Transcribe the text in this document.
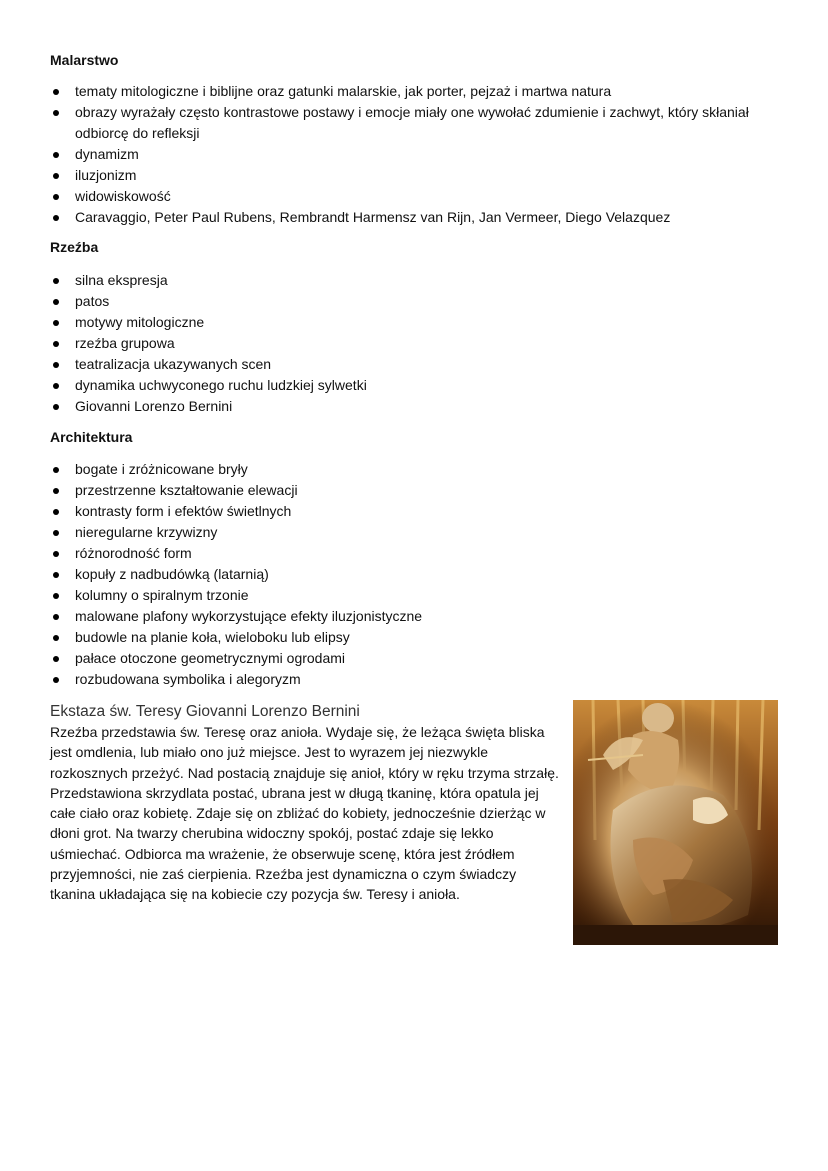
Malarstwo
tematy mitologiczne i biblijne oraz gatunki malarskie, jak porter, pejzaż i martwa natura
obrazy wyrażały często kontrastowe postawy i emocje miały one wywołać zdumienie i zachwyt, który skłaniał odbiorcę do refleksji
dynamizm
iluzjonizm
widowiskowość
Caravaggio, Peter Paul Rubens, Rembrandt Harmensz van Rijn, Jan Vermeer, Diego Velazquez
Rzeźba
silna ekspresja
patos
motywy mitologiczne
rzeźba grupowa
teatralizacja ukazywanych scen
dynamika uchwyconego ruchu ludzkiej sylwetki
Giovanni Lorenzo Bernini
Architektura
bogate i zróżnicowane bryły
przestrzenne kształtowanie elewacji
kontrasty form i efektów świetlnych
nieregularne krzywizny
różnorodność form
kopuły z nadbudówką (latarnią)
kolumny o spiralnym trzonie
malowane plafony wykorzystujące efekty iluzjonistyczne
budowle na planie koła, wieloboku lub elipsy
pałace otoczone geometrycznymi ogrodami
rozbudowana symbolika i alegoryzm
Ekstaza św. Teresy Giovanni Lorenzo Bernini

Rzeźba przedstawia św. Teresę oraz anioła. Wydaje się, że leżąca święta bliska jest omdlenia, lub miało ono już miejsce. Jest to wyrazem jej niezwykle rozkosznych przeżyć. Nad postacią znajduje się anioł, który w ręku trzyma strzałę. Przedstawiona skrzydlata postać, ubrana jest w długą tkaninę, która opatula jej całe ciało oraz kobietę. Zdaje się on zbliżać do kobiety, jednocześnie dzierżąc w dłoni grot. Na twarzy cherubina widoczny spokój, postać zdaje się lekko uśmiechać. Odbiorca ma wrażenie, że obserwuje scenę, która jest źródłem przyjemności, nie zaś cierpienia. Rzeźba jest dynamiczna o czym świadczy tkanina układająca się na kobiecie czy pozycja św. Teresy i anioła.
